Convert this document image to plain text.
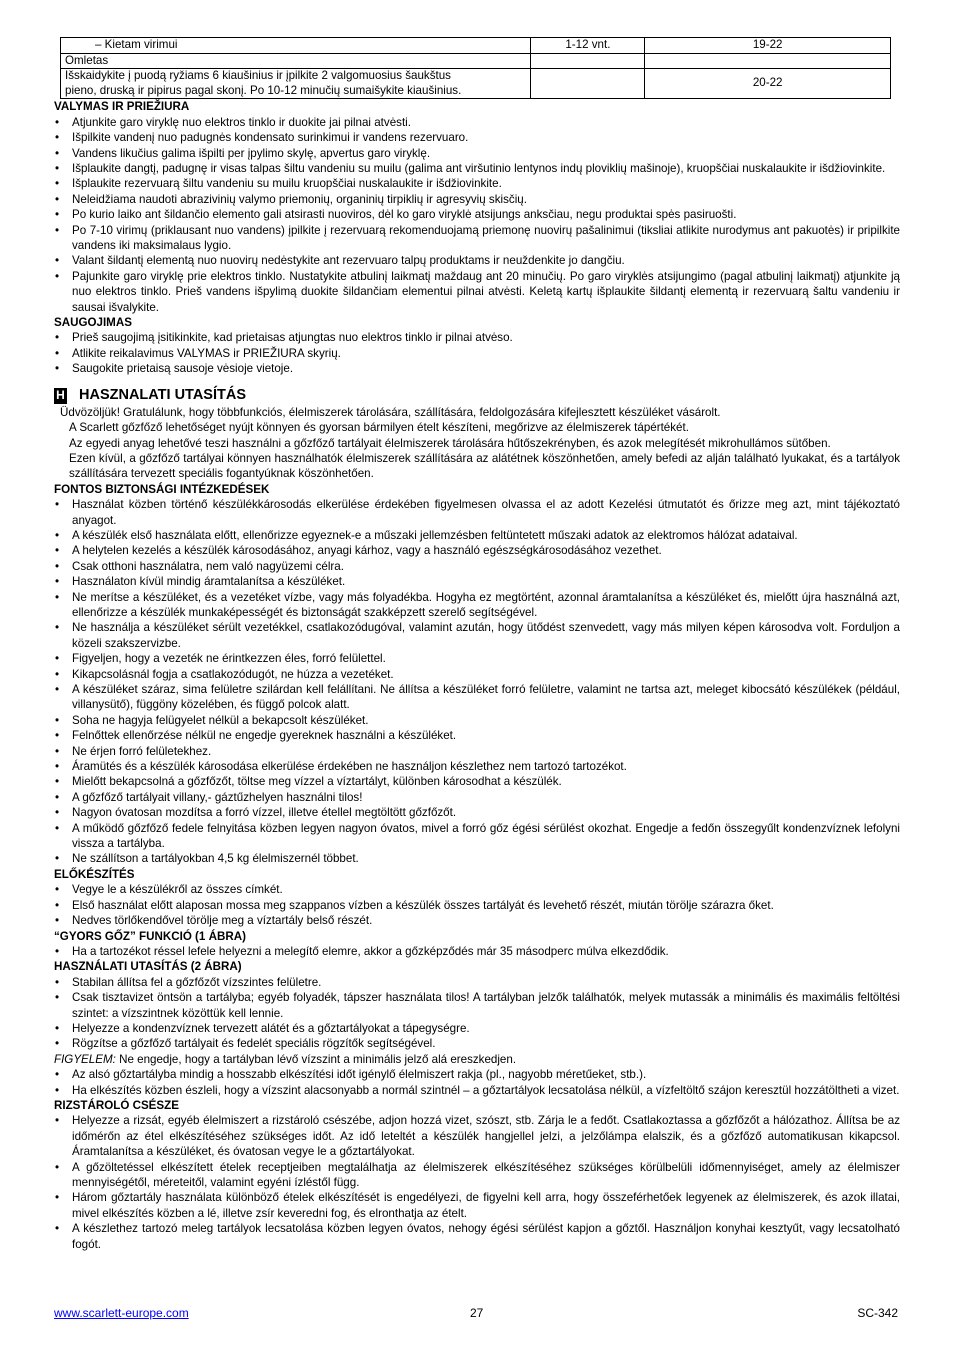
– Kietam virimui	1-12 vnt.	19-22
Omletas		

Išskaidykite į puodą ryžiams 6 kiaušinius ir įpilkite 2 valgomuosius šaukštus
pieno, druską ir pipirus pagal skonį. Po 10-12 minučių sumaišykite kiaušinius.		20-22
VALYMAS IR PRIEŽIURA
• Atjunkite garo viryklę nuo elektros tinklo ir duokite jai pilnai atvėsti.
• Išpilkite vandenį nuo padugnės kondensato surinkimui ir vandens rezervuaro.
• Vandens likučius galima išpilti per įpylimo skylę, apvertus garo viryklę.
• Išplaukite dangtį, padugnę ir visas talpas šiltu vandeniu su muilu (galima ant viršutinio lentynos indų ploviklių mašinoje), kruopščiai nuskalaukite ir išdžiovinkite.
• Išplaukite rezervuarą šiltu vandeniu su muilu kruopščiai nuskalaukite ir išdžiovinkite.
• Neleidžiama naudoti abrazivinių valymo priemonių, organinių tirpiklių ir agresyvių skisčių.
• Po kurio laiko ant šildančio elemento gali atsirasti nuoviros, dėl ko garo viryklė atsijungs anksčiau, negu produktai spės pasiruošti.
• Po 7-10 virimų (priklausant nuo vandens) įpilkite į rezervuarą rekomenduojamą priemonę nuovirų pašalinimui (tiksliai atlikite nurodymus ant pakuotės) ir pripilkite vandens iki maksimalaus lygio.
• Valant šildantį elementą nuo nuovirų nedėstykite ant rezervuaro talpų produktams ir neuždenkite jo dangčiu.
• Pajunkite garo viryklę prie elektros tinklo. Nustatykite atbulinį laikmatį maždaug ant 20 minučių. Po garo viryklės atsijungimo (pagal atbulinį laikmatį) atjunkite ją nuo elektros tinklo. Prieš vandens išpylimą duokite šildančiam elementui pilnai atvėsti. Keletą kartų išplaukite šildantį elementą ir rezervuarą šaltu vandeniu ir sausai išvalykite.
SAUGOJIMAS
• Prieš saugojimą įsitikinkite, kad prietaisas atjungtas nuo elektros tinklo ir pilnai atvėso.
• Atlikite reikalavimus VALYMAS ir PRIEŽIURA skyrių.
• Saugokite prietaisą sausoje vėsioje vietoje.
H HASZNALATI UTASÍTÁS

Üdvözöljük! Gratulálunk, hogy többfunkciós, élelmiszerek tárolására, szállítására, feldolgozására kifejlesztett készüléket vásárolt.

A Scarlett gőzfőző lehetőséget nyújt könnyen és gyorsan bármilyen ételt készíteni, megőrizve az élelmiszerek tápértékét.

Az egyedi anyag lehetővé teszi használni a gőzfőző tartályait élelmiszerek tárolására hűtőszekrényben, és azok melegítését mikrohullámos sütőben.

Ezen kívül, a gőzfőző tartályai könnyen használhatók élelmiszerek szállítására az alátétnek köszönhetően, amely befedi az alján található lyukakat, és a tartályok szállítására tervezett speciális fogantyúknak köszönhetően.

FONTOS BIZTONSÁGI INTÉZKEDÉSEK
• Használat közben történő készülékkárosodás elkerülése érdekében figyelmesen olvassa el az adott Kezelési útmutatót és őrizze meg azt, mint tájékoztató anyagot.
• A készülék első használata előtt, ellenőrizze egyeznek-e a műszaki jellemzésben feltüntetett műszaki adatok az elektromos hálózat adataival.
• A helytelen kezelés a készülék károsodásához, anyagi kárhoz, vagy a használó egészségkárosodásához vezethet.
• Csak otthoni használatra, nem való nagyüzemi célra.
• Használaton kívül mindig áramtalanítsa a készüléket.
• Ne merítse a készüléket, és a vezetéket vízbe, vagy más folyadékba. Hogyha ez megtörtént, azonnal áramtalanítsa a készüléket és, mielőtt újra használná azt, ellenőrizze a készülék munkaképességét és biztonságát szakképzett szerelő segítségével.
• Ne használja a készüléket sérült vezetékkel, csatlakozódugóval, valamint azután, hogy ütődést szenvedett, vagy más milyen képen károsodva volt. Forduljon a közeli szakszervizbe.
• Figyeljen, hogy a vezeték ne érintkezzen éles, forró felülettel.
• Kikapcsolásnál fogja a csatlakozódugót, ne húzza a vezetéket.
• A készüléket száraz, sima felületre szilárdan kell felállítani. Ne állítsa a készüléket forró felületre, valamint ne tartsa azt, meleget kibocsátó készülékek (például, villanysütő), függöny közelében, és függő polcok alatt.
• Soha ne hagyja felügyelet nélkül a bekapcsolt készüléket.
• Felnőttek ellenőrzése nélkül ne engedje gyereknek használni a készüléket.
• Ne érjen forró felületekhez.
• Áramütés és a készülék károsodása elkerülése érdekében ne használjon készlethez nem tartozó tartozékot.
• Mielőtt bekapcsolná a gőzfőzőt, töltse meg vízzel a víztartályt, különben károsodhat a készülék.
• A gőzfőző tartályait villany,- gáztűzhelyen használni tilos!
• Nagyon óvatosan mozdítsa a forró vízzel, illetve étellel megtöltött gőzfőzőt.
• A működő gőzfőző fedele felnyitása közben legyen nagyon óvatos, mivel a forró gőz égési sérülést okozhat. Engedje a fedőn összegyűlt kondenzvíznek lefolyni vissza a tartályba.
• Ne szállítson a tartályokban 4,5 kg élelmiszernél többet.
ELŐKÉSZÍTÉS
• Vegye le a készülékről az összes címkét.
• Első használat előtt alaposan mossa meg szappanos vízben a készülék összes tartályát és levehető részét, miután törölje szárazra őket.
• Nedves törlőkendővel törölje meg a víztartály belső részét.
“GYORS GŐZ” FUNKCIÓ (1 ÁBRA)
• Ha a tartozékot réssel lefele helyezni a melegítő elemre, akkor a gőzképződés már 35 másodperc múlva elkezdődik.
HASZNÁLATI UTASÍTÁS (2 ÁBRA)
• Stabilan állítsa fel a gőzfőzőt vízszintes felületre.
• Csak tisztavizet öntsön a tartályba; egyéb folyadék, tápszer használata tilos! A tartályban jelzők találhatók, melyek mutassák a minimális és maximális feltöltési szintet: a vízszintnek közöttük kell lennie.
• Helyezze a kondenzvíznek tervezett alátét és a gőztartályokat a tápegységre.
• Rögzítse a gőzfőző tartályait és fedelét speciális rögzítők segítségével.

FIGYELEM: Ne engedje, hogy a tartályban lévő vízszint a minimális jelző alá ereszkedjen.

• Az alsó gőztartályba mindig a hosszabb elkészítési időt igénylő élelmiszert rakja (pl., nagyobb méretűeket, stb.).
• Ha elkészítés közben észleli, hogy a vízszint alacsonyabb a normál szintnél – a gőztartályok lecsatolása nélkül, a vízfeltöltő szájon keresztül hozzátöltheti a vizet.
RIZSTÁROLÓ CSÉSZE
• Helyezze a rizsát, egyéb élelmiszert a rizstároló csészébe, adjon hozzá vizet, szószt, stb. Zárja le a fedőt. Csatlakoztassa a gőzfőzőt a hálózathoz. Állítsa be az időmérőn az étel elkészítéséhez szükséges időt. Az idő leteltét a készülék hangjellel jelzi, a jelzőlámpa elalszik, és a gőzfőző automatikusan kikapcsol. Áramtalanítsa a készüléket, és óvatosan vegye le a gőztartályokat.
• A gőzöltetéssel elkészített ételek receptjeiben megtalálhatja az élelmiszerek elkészítéséhez szükséges körülbelüli időmennyiséget, amely az élelmiszer mennyiségétől, méreteitől, valamint egyéni ízléstől függ.
• Három gőztartály használata különböző ételek elkészítését is engedélyezi, de figyelni kell arra, hogy összeférhetőek legyenek az élelmiszerek, és azok illatai, mivel elkészítés közben a lé, illetve zsír keveredni fog, és elronthatja az ételt.
• A készlethez tartozó meleg tartályok lecsatolása közben legyen óvatos, nehogy égési sérülést kapjon a gőztől. Használjon konyhai kesztyűt, vagy lecsatolható fogót.
www.scarlett-europe.com	27	SC-342
